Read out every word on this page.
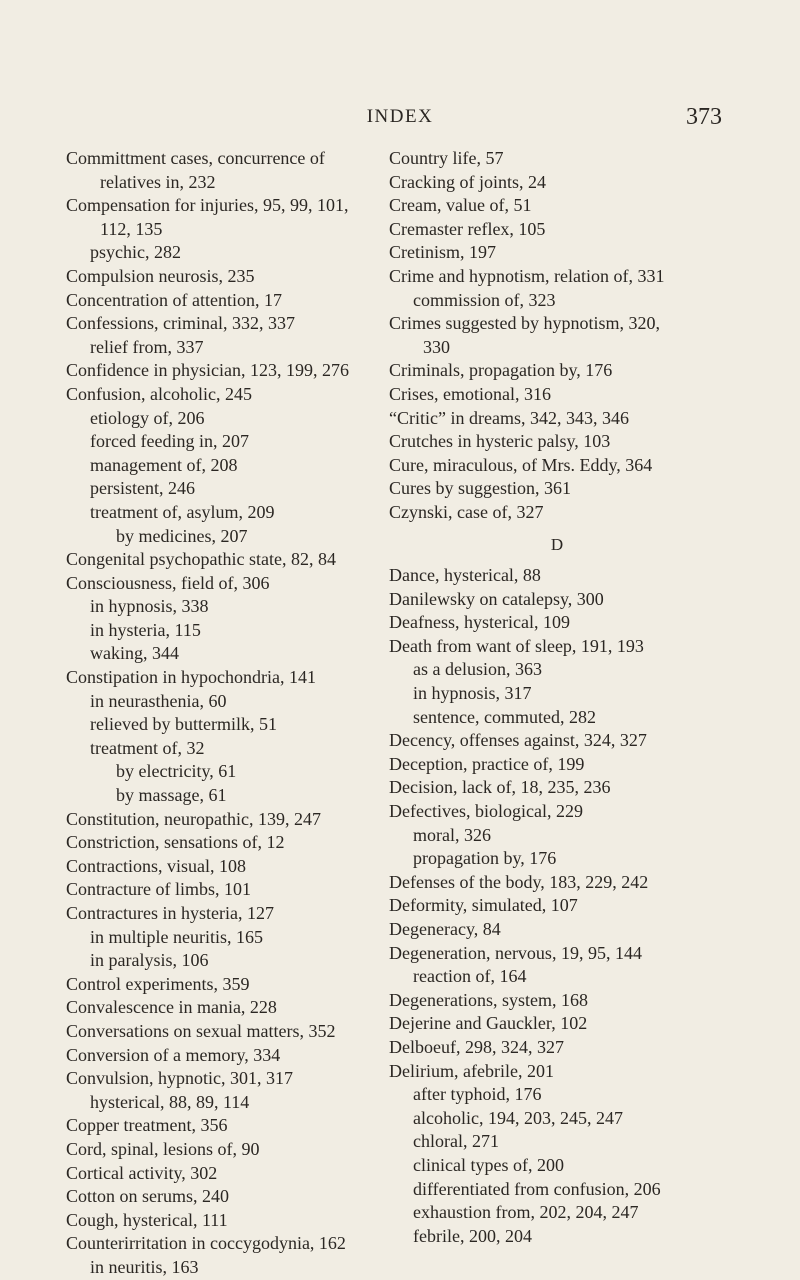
INDEX	373
Committment cases, concurrence of
relatives in, 232
Compensation for injuries, 95, 99, 101,
112, 135
psychic, 282
Compulsion neurosis, 235
Concentration of attention, 17
Confessions, criminal, 332, 337
relief from, 337
Confidence in physician, 123, 199, 276
Confusion, alcoholic, 245
etiology of, 206
forced feeding in, 207
management of, 208
persistent, 246
treatment of, asylum, 209
by medicines, 207
Congenital psychopathic state, 82, 84
Consciousness, field of, 306
in hypnosis, 338
in hysteria, 115
waking, 344
Constipation in hypochondria, 141
in neurasthenia, 60
relieved by buttermilk, 51
treatment of, 32
by electricity, 61
by massage, 61
Constitution, neuropathic, 139, 247
Constriction, sensations of, 12
Contractions, visual, 108
Contracture of limbs, 101
Contractures in hysteria, 127
in multiple neuritis, 165
in paralysis, 106
Control experiments, 359
Convalescence in mania, 228
Conversations on sexual matters, 352
Conversion of a memory, 334
Convulsion, hypnotic, 301, 317
hysterical, 88, 89, 114
Copper treatment, 356
Cord, spinal, lesions of, 90
Cortical activity, 302
Cotton on serums, 240
Cough, hysterical, 111
Counterirritation in coccygodynia, 162
in neuritis, 163
Country life, 57
Cracking of joints, 24
Cream, value of, 51
Cremaster reflex, 105
Cretinism, 197
Crime and hypnotism, relation of, 331
commission of, 323
Crimes suggested by hypnotism, 320,
330
Criminals, propagation by, 176
Crises, emotional, 316
“Critic” in dreams, 342, 343, 346
Crutches in hysteric palsy, 103
Cure, miraculous, of Mrs. Eddy, 364
Cures by suggestion, 361
Czynski, case of, 327
D
Dance, hysterical, 88
Danilewsky on catalepsy, 300
Deafness, hysterical, 109
Death from want of sleep, 191, 193
as a delusion, 363
in hypnosis, 317
sentence, commuted, 282
Decency, offenses against, 324, 327
Deception, practice of, 199
Decision, lack of, 18, 235, 236
Defectives, biological, 229
moral, 326
propagation by, 176
Defenses of the body, 183, 229, 242
Deformity, simulated, 107
Degeneracy, 84
Degeneration, nervous, 19, 95, 144
reaction of, 164
Degenerations, system, 168
Dejerine and Gauckler, 102
Delboeuf, 298, 324, 327
Delirium, afebrile, 201
after typhoid, 176
alcoholic, 194, 203, 245, 247
chloral, 271
clinical types of, 200
differentiated from confusion, 206
exhaustion from, 202, 204, 247
febrile, 200, 204
